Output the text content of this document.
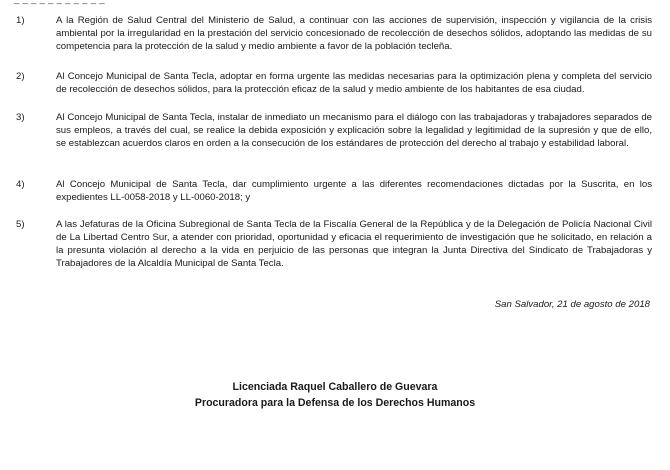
1)	A la Región de Salud Central del Ministerio de Salud, a continuar con las acciones de supervisión, inspección y vigilancia de la crisis ambiental por la irregularidad en la prestación del servicio concesionado de recolección de desechos sólidos, adoptando las medidas de su competencia para la protección de la salud y medio ambiente a favor de la población tecleña.
2)	Al Concejo Municipal de Santa Tecla, adoptar en forma urgente las medidas necesarias para la optimización plena y completa del servicio de recolección de desechos sólidos, para la protección eficaz de la salud y medio ambiente de los habitantes de esa ciudad.
3)	Al Concejo Municipal de Santa Tecla, instalar de inmediato un mecanismo para el diálogo con las trabajadoras y trabajadores separados de sus empleos, a través del cual, se realice la debida exposición y explicación sobre la legalidad y legitimidad de la supresión y que de ello, se establezcan acuerdos claros en orden a la consecución de los estándares de protección del derecho al trabajo y estabilidad laboral.
4)	Al Concejo Municipal de Santa Tecla, dar cumplimiento urgente a las diferentes recomendaciones dictadas por la Suscrita, en los expedientes LL-0058-2018 y LL-0060-2018; y
5)	A las Jefaturas de la Oficina Subregional de Santa Tecla de la Fiscalía General de la República y de la Delegación de Policía Nacional Civil de La Libertad Centro Sur, a atender con prioridad, oportunidad y eficacia el requerimiento de investigación que he solicitado, en relación a la presunta violación al derecho a la vida en perjuicio de las personas que integran la Junta Directiva del Sindicato de Trabajadoras y Trabajadores de la Alcaldía Municipal de Santa Tecla.
San Salvador, 21 de agosto de 2018
Licenciada Raquel Caballero de Guevara
Procuradora para la Defensa de los Derechos Humanos
